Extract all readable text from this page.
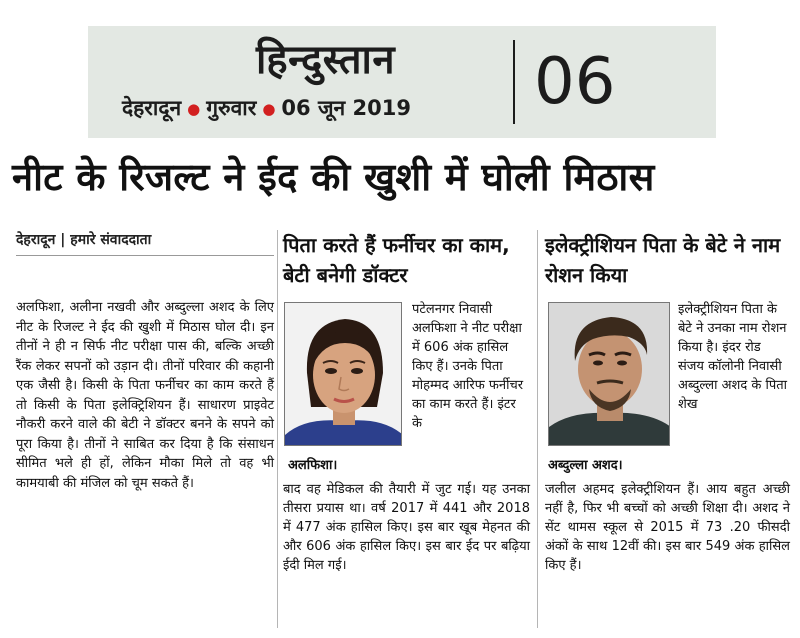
हिन्दुस्तान
देहरादून ● गुरुवार ● 06 जून 2019 06
नीट के रिजल्ट ने ईद की खुशी में घोली मिठास
देहरादून | हमारे संवाददाता
अलफिशा, अलीना नखवी और अब्दुल्ला अशद के लिए नीट के रिजल्ट ने ईद की खुशी में मिठास घोल दी। इन तीनों ने ही न सिर्फ नीट परीक्षा पास की, बल्कि अच्छी रैंक लेकर सपनों को उड़ान दी। तीनों परिवार की कहानी एक जैसी है। किसी के पिता फर्नीचर का काम करते हैं तो किसी के पिता इलेक्ट्रिशियन हैं। साधारण प्राइवेट नौकरी करने वाले की बेटी ने डॉक्टर बनने के सपने को पूरा किया है। तीनों ने साबित कर दिया है कि संसाधन सीमित भले ही हों, लेकिन मौका मिले तो वह भी कामयाबी की मंजिल को चूम सकते हैं।
पिता करते हैं फर्नीचर का काम, बेटी बनेगी डॉक्टर
अलफिशा।
पटेलनगर निवासी अलफिशा ने नीट परीक्षा में 606 अंक हासिल किए हैं। उनके पिता मोहम्मद आरिफ फर्नीचर का काम करते हैं। इंटर के
बाद वह मेडिकल की तैयारी में जुट गई। यह उनका तीसरा प्रयास था। वर्ष 2017 में 441 और 2018 में 477 अंक हासिल किए। इस बार खूब मेहनत की और 606 अंक हासिल किए। इस बार ईद पर बढ़िया ईदी मिल गई।
इलेक्ट्रीशियन पिता के बेटे ने नाम रोशन किया
अब्दुल्ला अशद।
इलेक्ट्रीशियन पिता के बेटे ने उनका नाम रोशन किया है। इंदर रोड संजय कॉलोनी निवासी अब्दुल्ला अशद के पिता शेख
जलील अहमद इलेक्ट्रीशियन हैं। आय बहुत अच्छी नहीं है, फिर भी बच्चों को अच्छी शिक्षा दी। अशद ने सेंट थामस स्कूल से 2015 में 73 .20 फीसदी अंकों के साथ 12वीं की। इस बार 549 अंक हासिल किए हैं।
